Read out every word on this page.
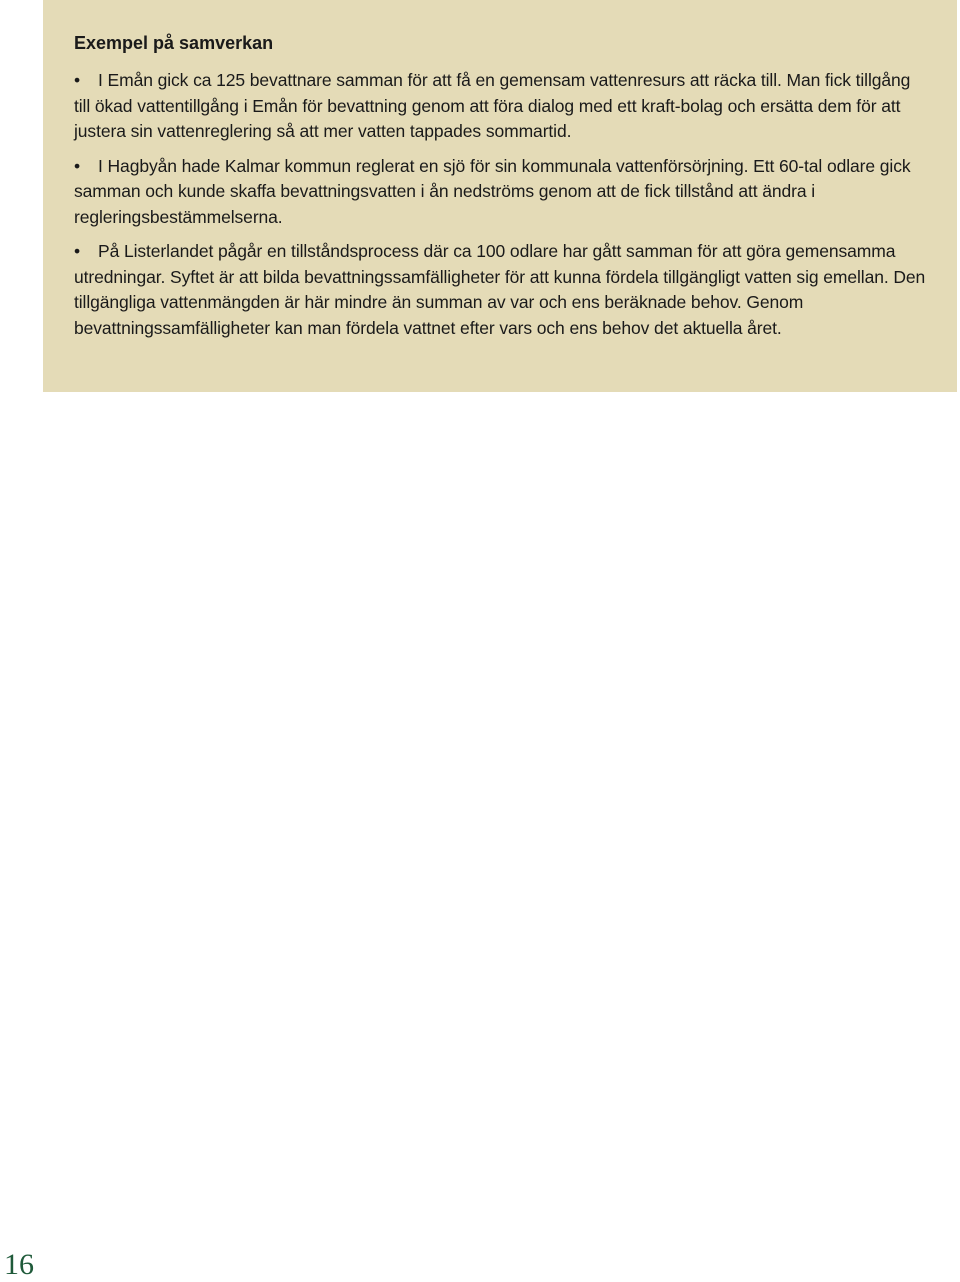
Exempel på samverkan

• I Emån gick ca 125 bevattnare samman för att få en gemensam vattenresurs att räcka till. Man fick tillgång till ökad vattentillgång i Emån för bevattning genom att föra dialog med ett kraft-bolag och ersätta dem för att justera sin vattenreglering så att mer vatten tappades sommartid.

• I Hagbyån hade Kalmar kommun reglerat en sjö för sin kommunala vattenförsörjning. Ett 60-tal odlare gick samman och kunde skaffa bevattningsvatten i ån nedströms genom att de fick tillstånd att ändra i regleringsbestämmelserna.

• På Listerlandet pågår en tillståndsprocess där ca 100 odlare har gått samman för att göra gemensamma utredningar. Syftet är att bilda bevattningssamfälligheter för att kunna fördela tillgängligt vatten sig emellan. Den tillgängliga vattenmängden är här mindre än summan av var och ens beräknade behov. Genom bevattningssamfälligheter kan man fördela vattnet efter vars och ens behov det aktuella året.

16
